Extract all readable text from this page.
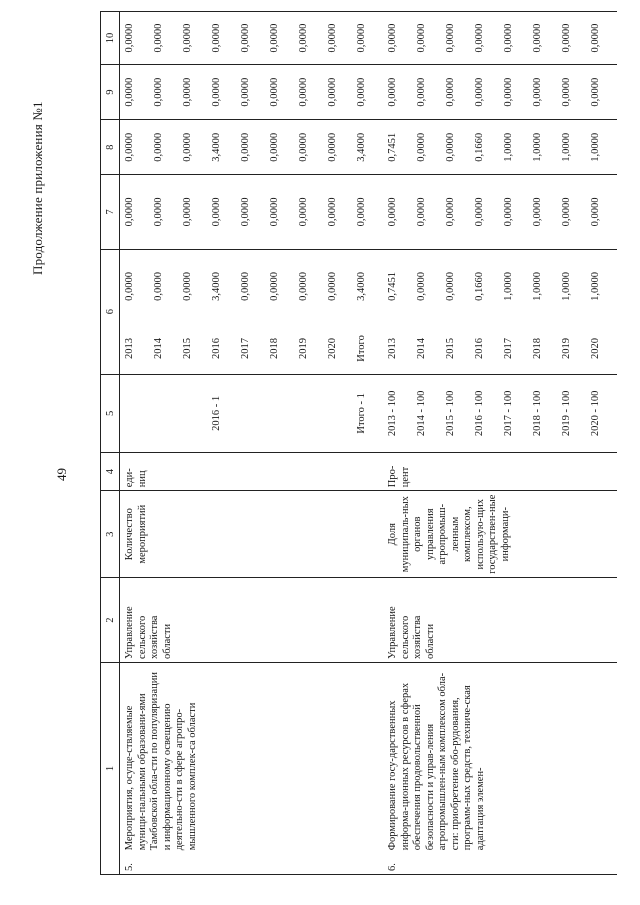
49
Продолжение приложения №1
1		2	3	4	5	6		7	8	9	10
5.	Мероприятия, осуще-ствляемые муници-пальными образовани-ями Тамбовской обла-сти по популяризации и информационному освещению деятельно-сти в сфере агропро-мышленного комплек-са области	Управление сельского хозяйства области	Количество мероприятий	еди-ниц		2013	0,0000	0,0000	0,0000	0,0000	0,0000
						2014	0,0000	0,0000	0,0000	0,0000	0,0000
						2015	0,0000	0,0000	0,0000	0,0000	0,0000
					2016 - 1	2016	3,4000	0,0000	3,4000	0,0000	0,0000
						2017	0,0000	0,0000	0,0000	0,0000	0,0000
						2018	0,0000	0,0000	0,0000	0,0000	0,0000
						2019	0,0000	0,0000	0,0000	0,0000	0,0000
						2020	0,0000	0,0000	0,0000	0,0000	0,0000
					Итого - 1	Итого	3,4000	0,0000	3,4000	0,0000	0,0000
6.	Формирование госу-дарственных информа-ционных ресурсов в сферах обеспечения продовольственной безопасности и управ-ления агропромышлен-ным комплексом обла-сти: приобретение обо-рудования, программ-ных средств, техниче-ская адаптация элемен-	Управление сельского хозяйства области	Доля муниципаль-ных органов управления агропромыш-ленным комплексом, использую-щих государствен-ные информаци-	Про-цент	2013 - 100	2013	0,7451	0,0000	0,7451	0,0000	0,0000
					2014 - 100	2014	0,0000	0,0000	0,0000	0,0000	0,0000
					2015 - 100	2015	0,0000	0,0000	0,0000	0,0000	0,0000
					2016 - 100	2016	0,1660	0,0000	0,1660	0,0000	0,0000
					2017 - 100	2017	1,0000	0,0000	1,0000	0,0000	0,0000
					2018 - 100	2018	1,0000	0,0000	1,0000	0,0000	0,0000
					2019 - 100	2019	1,0000	0,0000	1,0000	0,0000	0,0000
					2020 - 100	2020	1,0000	0,0000	1,0000	0,0000	0,0000
